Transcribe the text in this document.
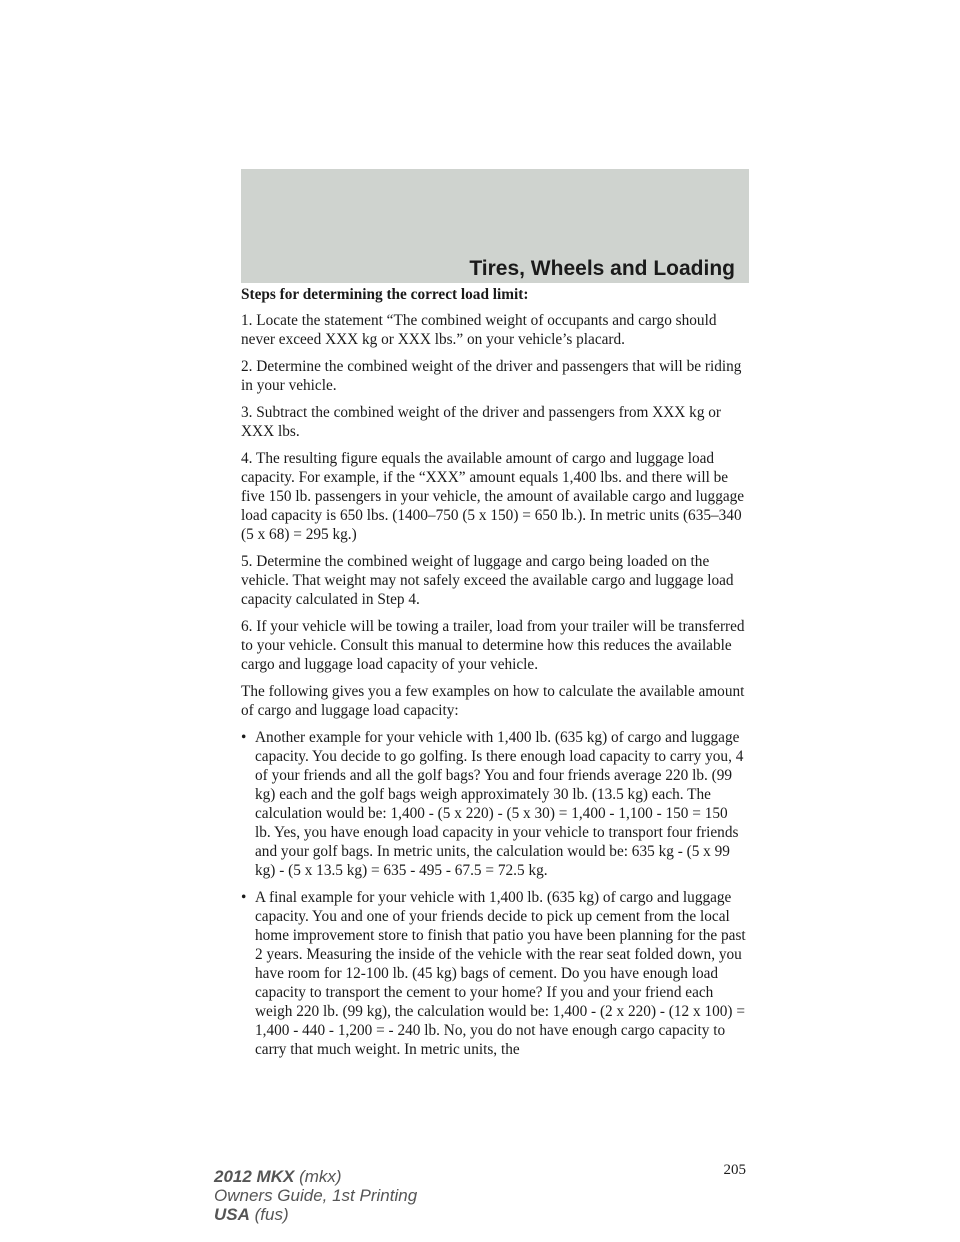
Tires, Wheels and Loading

Steps for determining the correct load limit:

1. Locate the statement “The combined weight of occupants and cargo should never exceed XXX kg or XXX lbs.” on your vehicle’s placard.

2. Determine the combined weight of the driver and passengers that will be riding in your vehicle.

3. Subtract the combined weight of the driver and passengers from XXX kg or XXX lbs.

4. The resulting figure equals the available amount of cargo and luggage load capacity. For example, if the “XXX” amount equals 1,400 lbs. and there will be five 150 lb. passengers in your vehicle, the amount of available cargo and luggage load capacity is 650 lbs. (1400–750 (5 x 150) = 650 lb.). In metric units (635–340 (5 x 68) = 295 kg.)

5. Determine the combined weight of luggage and cargo being loaded on the vehicle. That weight may not safely exceed the available cargo and luggage load capacity calculated in Step 4.

6. If your vehicle will be towing a trailer, load from your trailer will be transferred to your vehicle. Consult this manual to determine how this reduces the available cargo and luggage load capacity of your vehicle.

The following gives you a few examples on how to calculate the available amount of cargo and luggage load capacity:

• Another example for your vehicle with 1,400 lb. (635 kg) of cargo and luggage capacity. You decide to go golfing. Is there enough load capacity to carry you, 4 of your friends and all the golf bags? You and four friends average 220 lb. (99 kg) each and the golf bags weigh approximately 30 lb. (13.5 kg) each. The calculation would be: 1,400 - (5 x 220) - (5 x 30) = 1,400 - 1,100 - 150 = 150 lb. Yes, you have enough load capacity in your vehicle to transport four friends and your golf bags. In metric units, the calculation would be: 635 kg - (5 x 99 kg) - (5 x 13.5 kg) = 635 - 495 - 67.5 = 72.5 kg.
• A final example for your vehicle with 1,400 lb. (635 kg) of cargo and luggage capacity. You and one of your friends decide to pick up cement from the local home improvement store to finish that patio you have been planning for the past 2 years. Measuring the inside of the vehicle with the rear seat folded down, you have room for 12-100 lb. (45 kg) bags of cement. Do you have enough load capacity to transport the cement to your home? If you and your friend each weigh 220 lb. (99 kg), the calculation would be: 1,400 - (2 x 220) - (12 x 100) = 1,400 - 440 - 1,200 = - 240 lb. No, you do not have enough cargo capacity to carry that much weight. In metric units, the
205
2012 MKX (mkx)
Owners Guide, 1st Printing
USA (fus)
